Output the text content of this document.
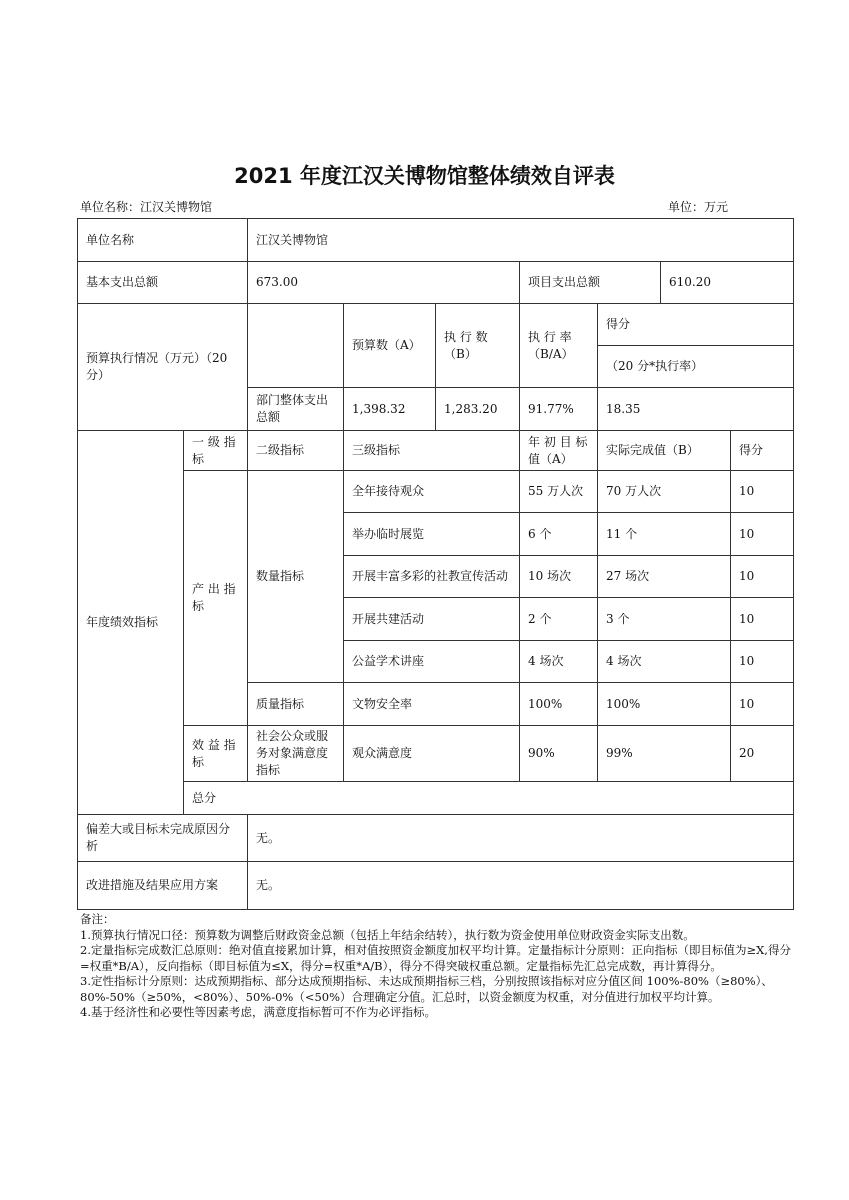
2021 年度江汉关博物馆整体绩效自评表
单位名称：江汉关博物馆	单位：万元
单位名称		江汉关博物馆							
基本支出总额		673.00			项目支出总额		610.20		
预算执行情况（万元）（20 分）			预算数（A）	执 行 数（B）	执 行 率（B/A）	得分			
						（20 分*执行率）			
		部门整体支出总额	1,398.32	1,283.20	91.77%	18.35			
年度绩效指标	一 级 指标	二级指标	三级指标		年 初 目 标值（A）	实际完成值（B）		得分	
	产 出 指标	数量指标	全年接待观众		55 万人次	70 万人次		10	
			举办临时展览		6 个	11 个		10	
			开展丰富多彩的社教宣传活动		10 场次	27 场次		10	
			开展共建活动		2 个	3 个		10	
			公益学术讲座		4 场次	4 场次		10	
		质量指标	文物安全率		100%	100%		10	
	效 益 指标	社会公众或服务对象满意度指标	观众满意度		90%	99%		20	
	总分	
偏差大或目标未完成原因分析		无。							
改进措施及结果应用方案		无。							

备注：

1.预算执行情况口径：预算数为调整后财政资金总额（包括上年结余结转），执行数为资金使用单位财政资金实际支出数。

2.定量指标完成数汇总原则：绝对值直接累加计算，相对值按照资金额度加权平均计算。定量指标计分原则：正向指标（即目标值为≥X,得分=权重*B/A），反向指标（即目标值为≤X，得分=权重*A/B），得分不得突破权重总额。定量指标先汇总完成数，再计算得分。

3.定性指标计分原则：达成预期指标、部分达成预期指标、未达成预期指标三档，分别按照该指标对应分值区间 100%-80%（≥80%）、80%-50%（≥50%，<80%）、50%-0%（<50%）合理确定分值。汇总时，以资金额度为权重，对分值进行加权平均计算。

4.基于经济性和必要性等因素考虑，满意度指标暂可不作为必评指标。
